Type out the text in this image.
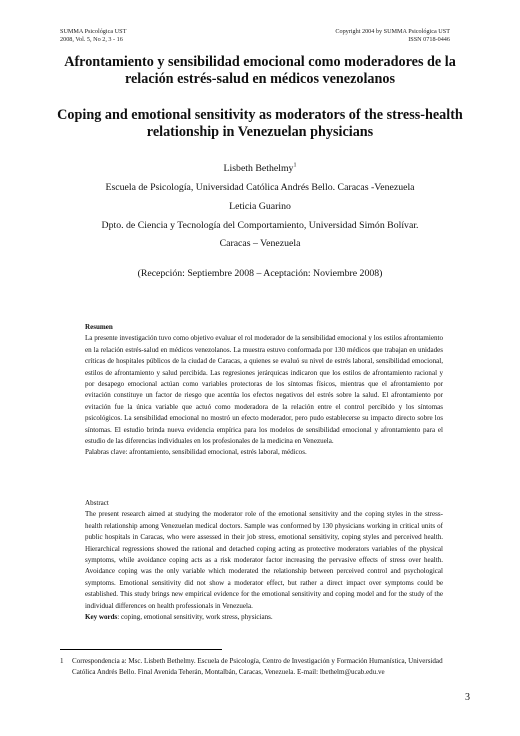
SUMMA Psicológica UST
2008, Vol. 5, No 2, 3 - 16
Copyright 2004 by SUMMA Psicológica UST
ISSN 0718-0446
Afrontamiento y sensibilidad emocional como moderadores de la relación estrés-salud en médicos venezolanos
Coping and emotional sensitivity as moderators of the stress-health relationship in Venezuelan physicians
Lisbeth Bethelmy$^1$
Escuela de Psicología, Universidad Católica Andrés Bello. Caracas -Venezuela
Leticia Guarino
Dpto. de Ciencia y Tecnología del Comportamiento, Universidad Simón Bolívar.
Caracas – Venezuela
(Recepción: Septiembre 2008 – Aceptación: Noviembre 2008)

Resumen

La presente investigación tuvo como objetivo evaluar el rol moderador de la sensibilidad emocional y los estilos afrontamiento en la relación estrés-salud en médicos venezolanos. La muestra estuvo conformada por 130 médicos que trabajan en unidades críticas de hospitales públicos de la ciudad de Caracas, a quienes se evaluó su nivel de estrés laboral, sensibilidad emocional, estilos de afrontamiento y salud percibida. Las regresiones jerárquicas indicaron que los estilos de afrontamiento racional y por desapego emocional actúan como variables protectoras de los síntomas físicos, mientras que el afrontamiento por evitación constituye un factor de riesgo que acentúa los efectos negativos del estrés sobre la salud. El afrontamiento por evitación fue la única variable que actuó como moderadora de la relación entre el control percibido y los síntomas psicológicos. La sensibilidad emocional no mostró un efecto moderador, pero pudo establecerse su impacto directo sobre los síntomas. El estudio brinda nueva evidencia empírica para los modelos de sensibilidad emocional y afrontamiento para el estudio de las diferencias individuales en los profesionales de la medicina en Venezuela.

Palabras clave: afrontamiento, sensibilidad emocional, estrés laboral, médicos.

Abstract

The present research aimed at studying the moderator role of the emotional sensitivity and the coping styles in the stress-health relationship among Venezuelan medical doctors. Sample was conformed by 130 physicians working in critical units of public hospitals in Caracas, who were assessed in their job stress, emotional sensitivity, coping styles and perceived health. Hierarchical regressions showed the rational and detached coping acting as protective moderators variables of the physical symptoms, while avoidance coping acts as a risk moderator factor increasing the pervasive effects of stress over health. Avoidance coping was the only variable which moderated the relationship between perceived control and psychological symptoms. Emotional sensitivity did not show a moderator effect, but rather a direct impact over symptoms could be established. This study brings new empirical evidence for the emotional sensitivity and coping model and for the study of the individual differences on health professionals in Venezuela.

Key words: coping, emotional sensitivity, work stress, physicians.

1 Correspondencia a: Msc. Lisbeth Bethelmy. Escuela de Psicología, Centro de Investigación y Formación Humanística, Universidad Católica Andrés Bello. Final Avenida Teherán, Montalbán, Caracas, Venezuela. E-mail: lbethelm@ucab.edu.ve
3
